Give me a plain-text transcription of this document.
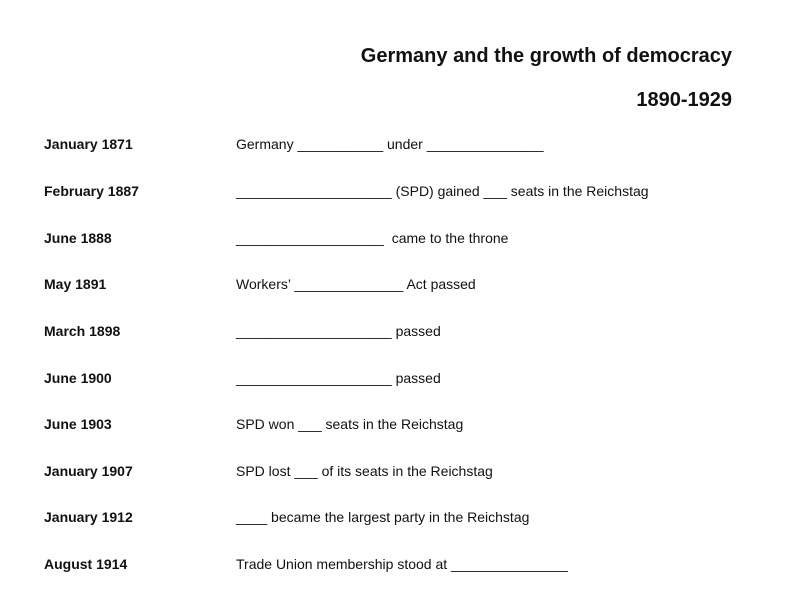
Germany and the growth of democracy
1890-1929
January 1871	Germany ___________ under _______________
February 1887	____________________ (SPD) gained ___ seats in the Reichstag
June 1888	___________________  came to the throne
May 1891	Workers’ ______________ Act passed
March 1898	____________________ passed
June 1900	____________________ passed
June 1903	SPD won ___ seats in the Reichstag
January 1907	SPD lost ___ of its seats in the Reichstag
January 1912	____ became the largest party in the Reichstag
August 1914	Trade Union membership stood at _______________
